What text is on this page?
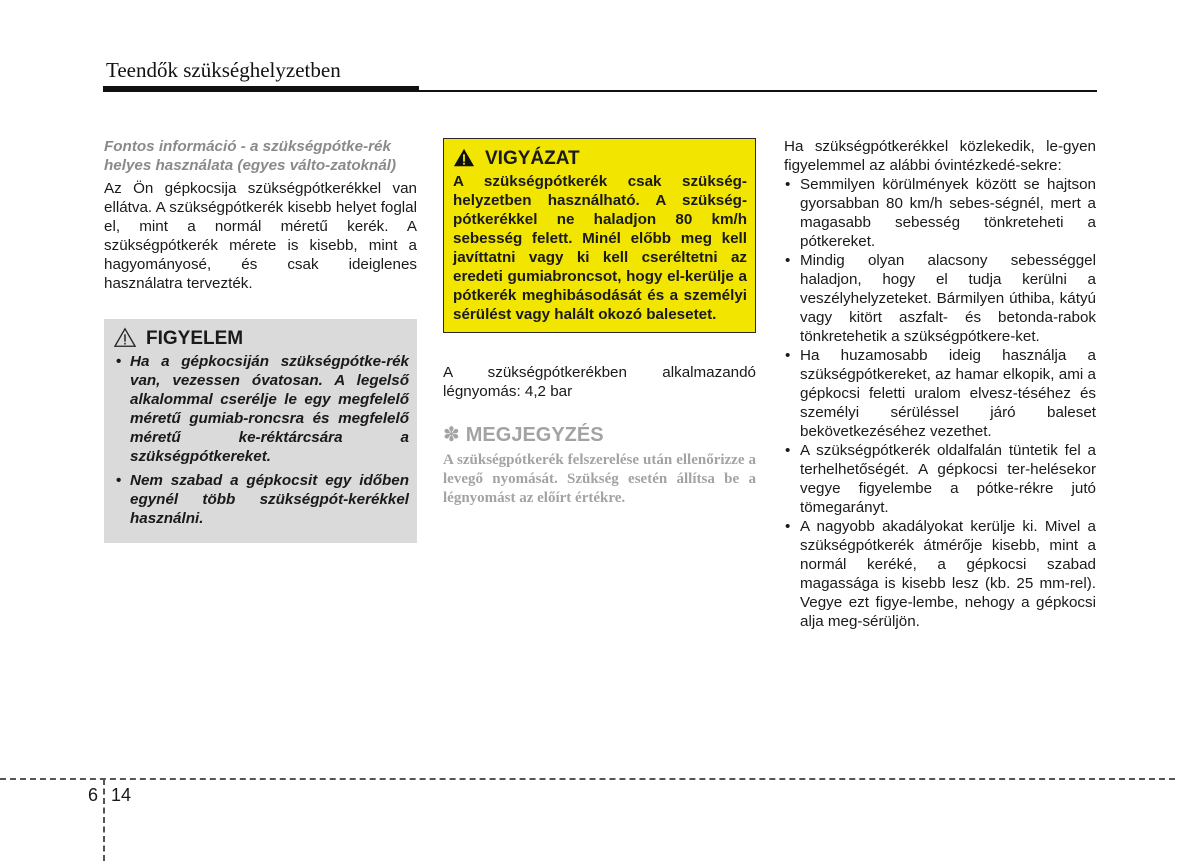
Teendők szükséghelyzetben

Fontos információ - a szükségpótke-rék helyes használata (egyes válto-zatoknál)

Az Ön gépkocsija szükségpótkerékkel van ellátva. A szükségpótkerék kisebb helyet foglal el, mint a normál méretű kerék. A szükségpótkerék mérete is kisebb, mint a hagyományosé, és csak ideiglenes használatra tervezték.

FIGYELEM
• Ha a gépkocsiján szükségpótke-rék van, vezessen óvatosan. A legelső alkalommal cserélje le egy megfelelő méretű gumiab-roncsra és megfelelő méretű ke-réktárcsára a szükségpótkereket.
• Nem szabad a gépkocsit egy időben egynél több szükségpót-kerékkel használni.
VIGYÁZAT

A szükségpótkerék csak szükség-helyzetben használható. A szükség-pótkerékkel ne haladjon 80 km/h sebesség felett. Minél előbb meg kell javíttatni vagy ki kell cseréltetni az eredeti gumiabroncsot, hogy el-kerülje a pótkerék meghibásodását és a személyi sérülést vagy halált okozó balesetet.

A szükségpótkerékben alkalmazandó légnyomás: 4,2 bar

✽ MEGJEGYZÉS

A szükségpótkerék felszerelése után ellenőrizze a levegő nyomását. Szükség esetén állítsa be a légnyomást az előírt értékre.

Ha szükségpótkerékkel közlekedik, le-gyen figyelemmel az alábbi óvintézkedé-sekre:

• Semmilyen körülmények között se hajtson gyorsabban 80 km/h sebes-ségnél, mert a magasabb sebesség tönkreteheti a pótkereket.
• Mindig olyan alacsony sebességgel haladjon, hogy el tudja kerülni a veszélyhelyzeteket. Bármilyen úthiba, kátyú vagy kitört aszfalt- és betonda-rabok tönkretehetik a szükségpótkere-ket.
• Ha huzamosabb ideig használja a szükségpótkereket, az hamar elkopik, ami a gépkocsi feletti uralom elvesz-téséhez és személyi sérüléssel járó baleset bekövetkezéséhez vezethet.
• A szükségpótkerék oldalfalán tüntetik fel a terhelhetőségét. A gépkocsi ter-helésekor vegye figyelembe a pótke-rékre jutó tömegarányt.
• A nagyobb akadályokat kerülje ki. Mivel a szükségpótkerék átmérője kisebb, mint a normál keréké, a gépkocsi szabad magassága is kisebb lesz (kb. 25 mm-rel). Vegye ezt figye-lembe, nehogy a gépkocsi alja meg-sérüljön.
6 14
